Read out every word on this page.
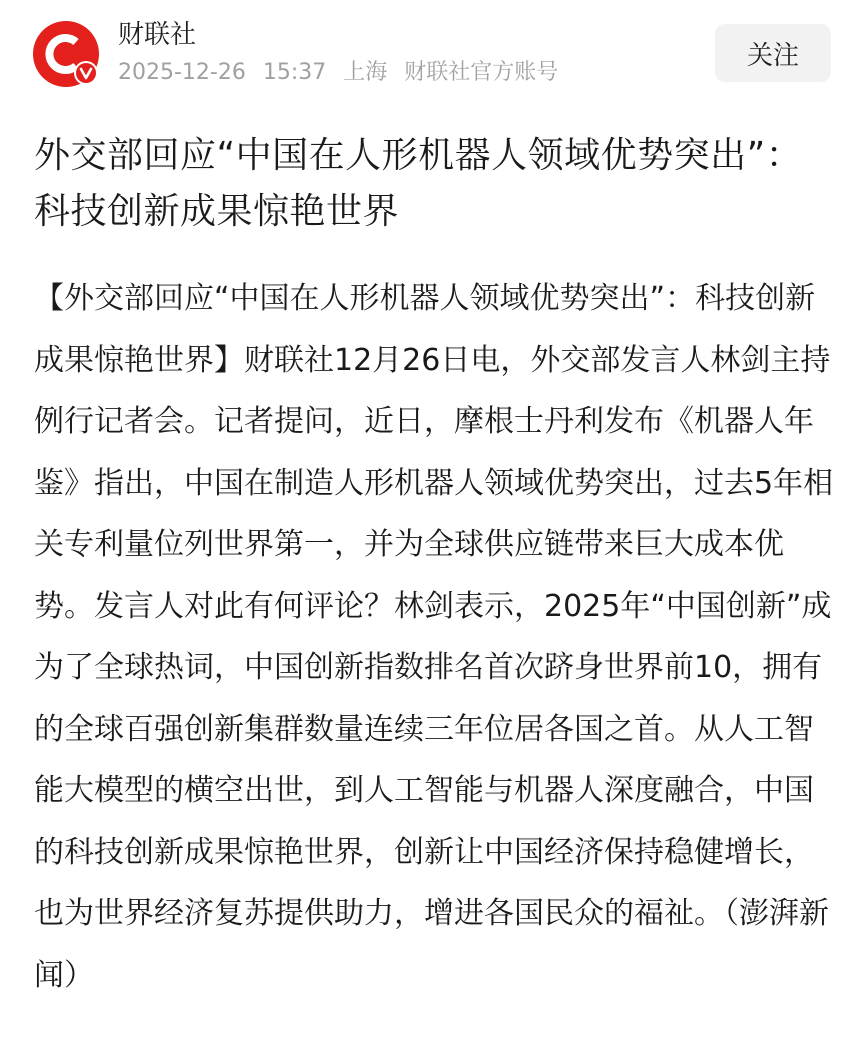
财联社
2025-12-26 15:37 上海 财联社官方账号
关注
外交部回应“中国在人形机器人领域优势突出”：科技创新成果惊艳世界

【外交部回应“中国在人形机器人领域优势突出”：科技创新成果惊艳世界】财联社12月26日电，外交部发言人林剑主持例行记者会。记者提问，近日，摩根士丹利发布《机器人年鉴》指出，中国在制造人形机器人领域优势突出，过去5年相关专利量位列世界第一，并为全球供应链带来巨大成本优势。发言人对此有何评论？林剑表示，2025年“中国创新”成为了全球热词，中国创新指数排名首次跻身世界前10，拥有的全球百强创新集群数量连续三年位居各国之首。从人工智能大模型的横空出世，到人工智能与机器人深度融合，中国的科技创新成果惊艳世界，创新让中国经济保持稳健增长，也为世界经济复苏提供助力，增进各国民众的福祉。（澎湃新闻）
